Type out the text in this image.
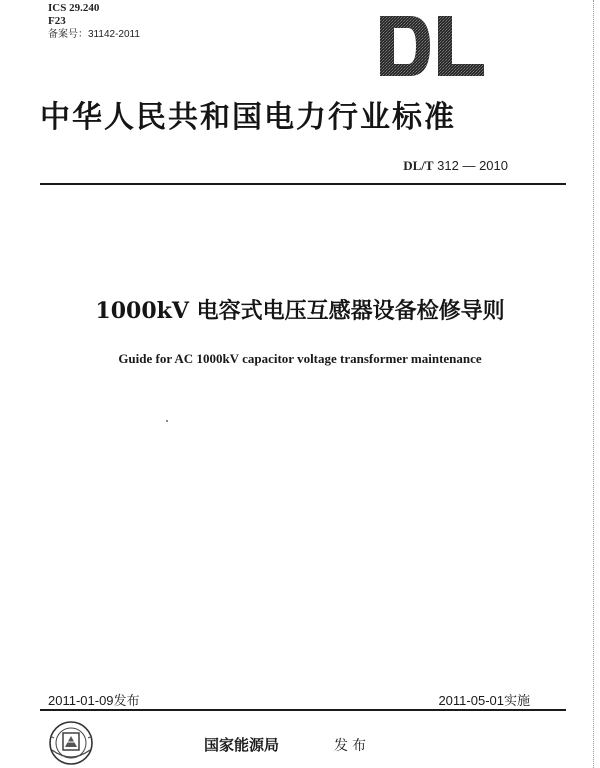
ICS 29.240
F23
备案号：31142-2011
中华人民共和国电力行业标准
DL/T 312 — 2010
1000kV 电容式电压互感器设备检修导则
Guide for AC 1000kV capacitor voltage transformer maintenance
2011-01-09发布	2011-05-01实施
国家能源局	发布
